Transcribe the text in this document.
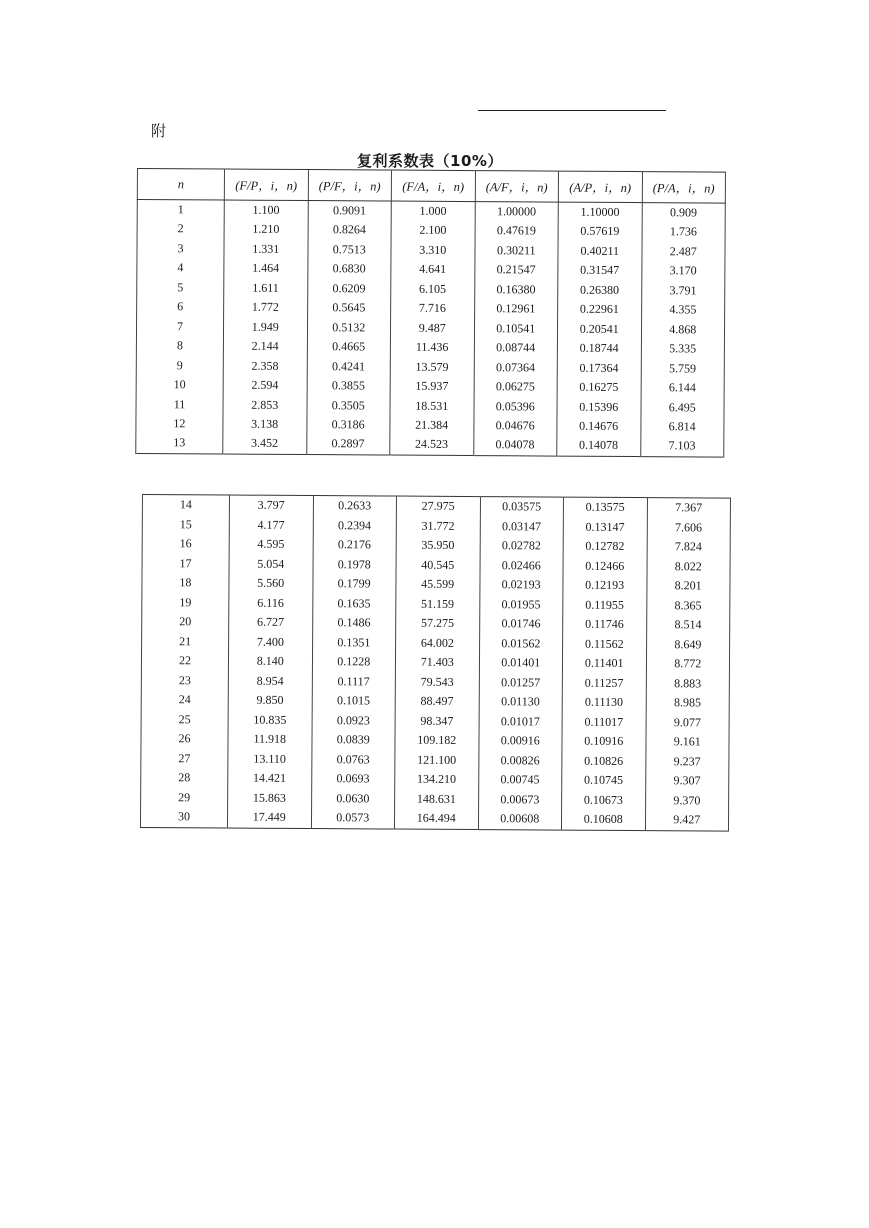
附
复利系数表（10%）
n	(F/P，i，n)	(P/F，i，n)	(F/A，i，n)	(A/F，i，n)	(A/P，i，n)	(P/A，i，n)
1	1.100	0.9091	1.000	1.00000	1.10000	0.909
2	1.210	0.8264	2.100	0.47619	0.57619	1.736
3	1.331	0.7513	3.310	0.30211	0.40211	2.487
4	1.464	0.6830	4.641	0.21547	0.31547	3.170
5	1.611	0.6209	6.105	0.16380	0.26380	3.791
6	1.772	0.5645	7.716	0.12961	0.22961	4.355
7	1.949	0.5132	9.487	0.10541	0.20541	4.868
8	2.144	0.4665	11.436	0.08744	0.18744	5.335
9	2.358	0.4241	13.579	0.07364	0.17364	5.759
10	2.594	0.3855	15.937	0.06275	0.16275	6.144
11	2.853	0.3505	18.531	0.05396	0.15396	6.495
12	3.138	0.3186	21.384	0.04676	0.14676	6.814
13	3.452	0.2897	24.523	0.04078	0.14078	7.103
14	3.797	0.2633	27.975	0.03575	0.13575	7.367
15	4.177	0.2394	31.772	0.03147	0.13147	7.606
16	4.595	0.2176	35.950	0.02782	0.12782	7.824
17	5.054	0.1978	40.545	0.02466	0.12466	8.022
18	5.560	0.1799	45.599	0.02193	0.12193	8.201
19	6.116	0.1635	51.159	0.01955	0.11955	8.365
20	6.727	0.1486	57.275	0.01746	0.11746	8.514
21	7.400	0.1351	64.002	0.01562	0.11562	8.649
22	8.140	0.1228	71.403	0.01401	0.11401	8.772
23	8.954	0.1117	79.543	0.01257	0.11257	8.883
24	9.850	0.1015	88.497	0.01130	0.11130	8.985
25	10.835	0.0923	98.347	0.01017	0.11017	9.077
26	11.918	0.0839	109.182	0.00916	0.10916	9.161
27	13.110	0.0763	121.100	0.00826	0.10826	9.237
28	14.421	0.0693	134.210	0.00745	0.10745	9.307
29	15.863	0.0630	148.631	0.00673	0.10673	9.370
30	17.449	0.0573	164.494	0.00608	0.10608	9.427
